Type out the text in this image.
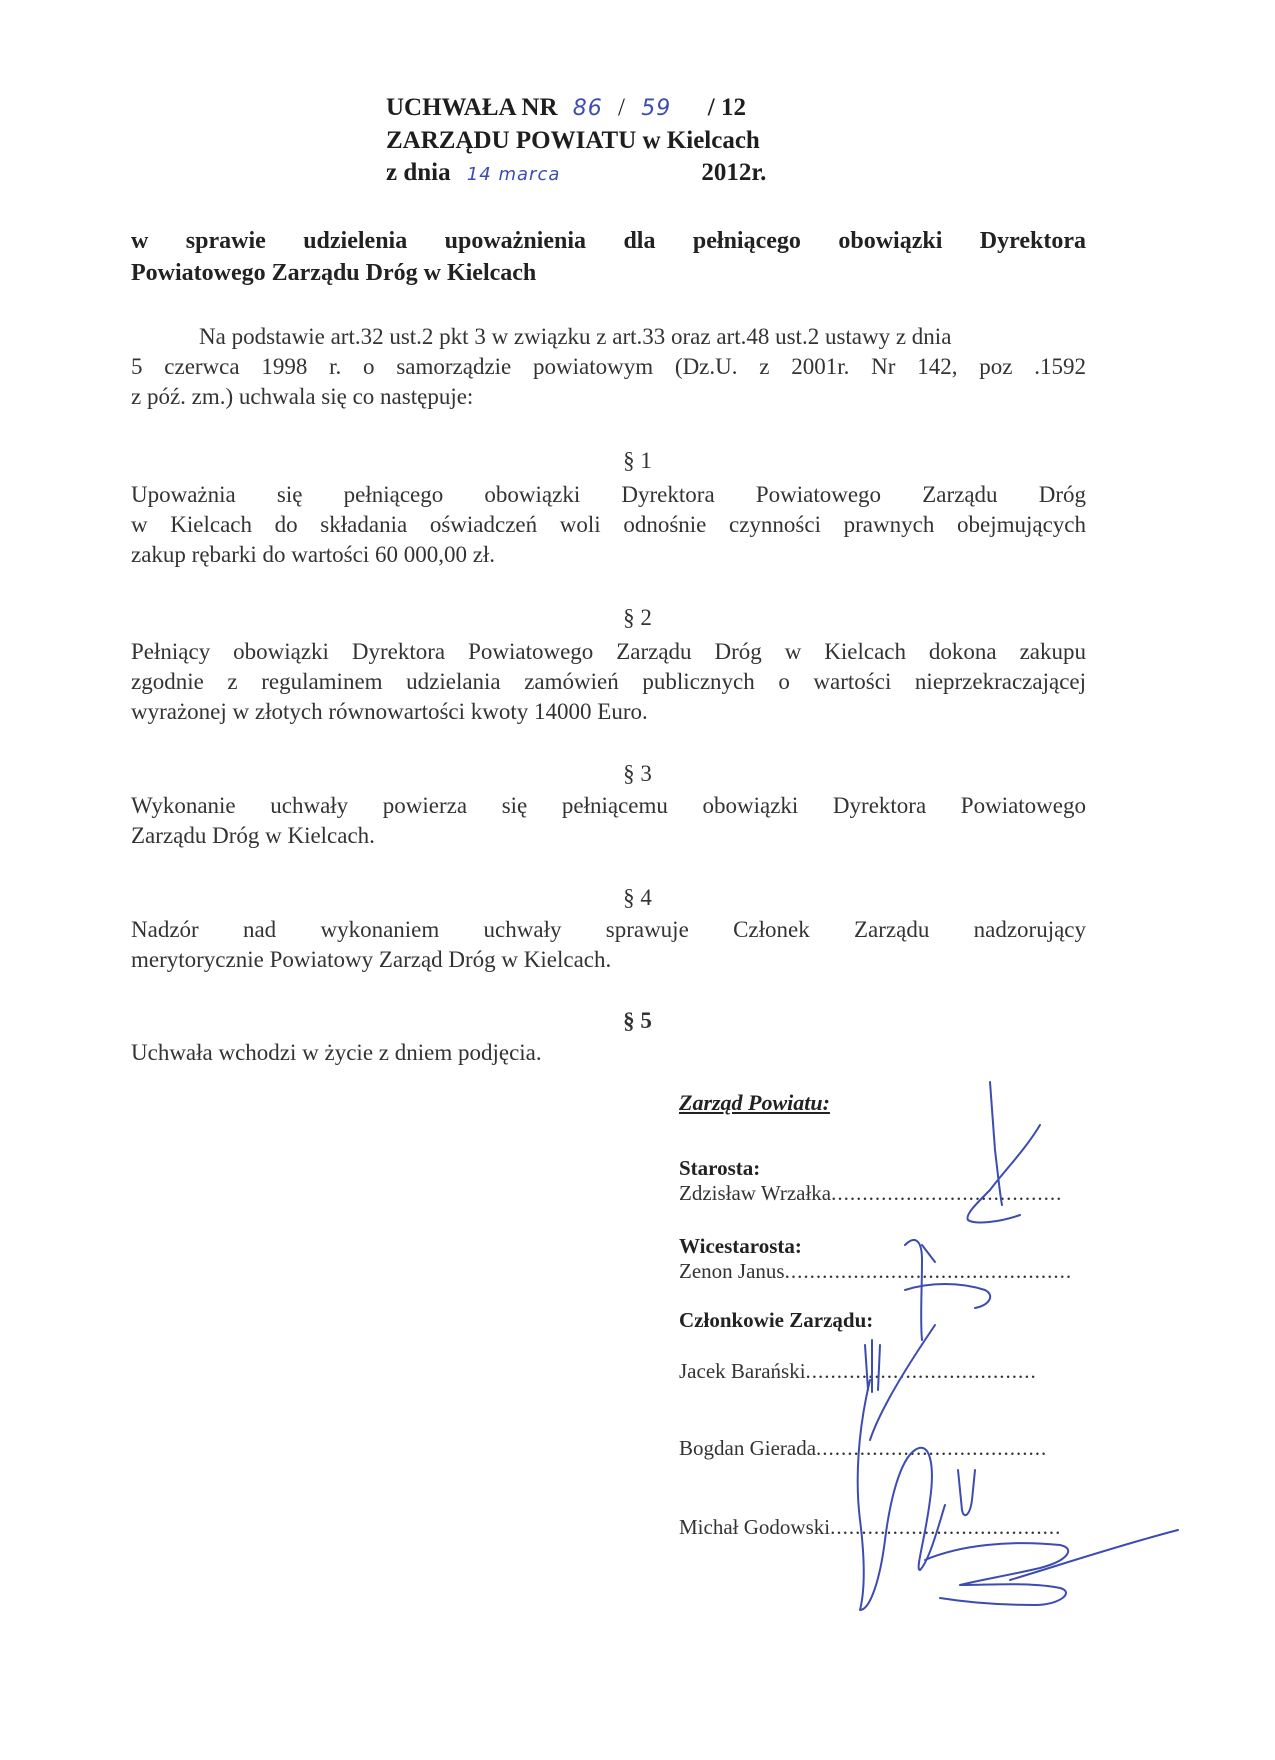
UCHWAŁA NR 86 / 59 / 12
ZARZĄDU POWIATU w Kielcach
z dnia 14 marca	2012r.
w sprawie udzielenia upoważnienia dla pełniącego obowiązki Dyrektora
Powiatowego Zarządu Dróg w Kielcach
Na podstawie art.32 ust.2 pkt 3 w związku z art.33 oraz art.48 ust.2 ustawy z dnia
5 czerwca 1998 r. o samorządzie powiatowym (Dz.U. z 2001r. Nr 142, poz .1592
z póź. zm.) uchwala się co następuje:
§ 1
Upoważnia się pełniącego obowiązki Dyrektora Powiatowego Zarządu Dróg
w Kielcach do składania oświadczeń woli odnośnie czynności prawnych obejmujących
zakup rębarki do wartości 60 000,00 zł.
§ 2
Pełniący obowiązki Dyrektora Powiatowego Zarządu Dróg w Kielcach dokona zakupu
zgodnie z regulaminem udzielania zamówień publicznych o wartości nieprzekraczającej
wyrażonej w złotych równowartości kwoty 14000 Euro.
§ 3
Wykonanie uchwały powierza się pełniącemu obowiązki Dyrektora Powiatowego
Zarządu Dróg w Kielcach.
§ 4
Nadzór nad wykonaniem uchwały sprawuje Członek Zarządu nadzorujący
merytorycznie Powiatowy Zarząd Dróg w Kielcach.
§ 5
Uchwała wchodzi w życie z dniem podjęcia.
Zarząd Powiatu:
Starosta:
Zdzisław Wrzałka.....................................
Wicestarosta:
Zenon Janus..............................................
Członkowie Zarządu:
Jacek Barański.....................................
Bogdan Gierada.....................................
Michał Godowski.....................................
